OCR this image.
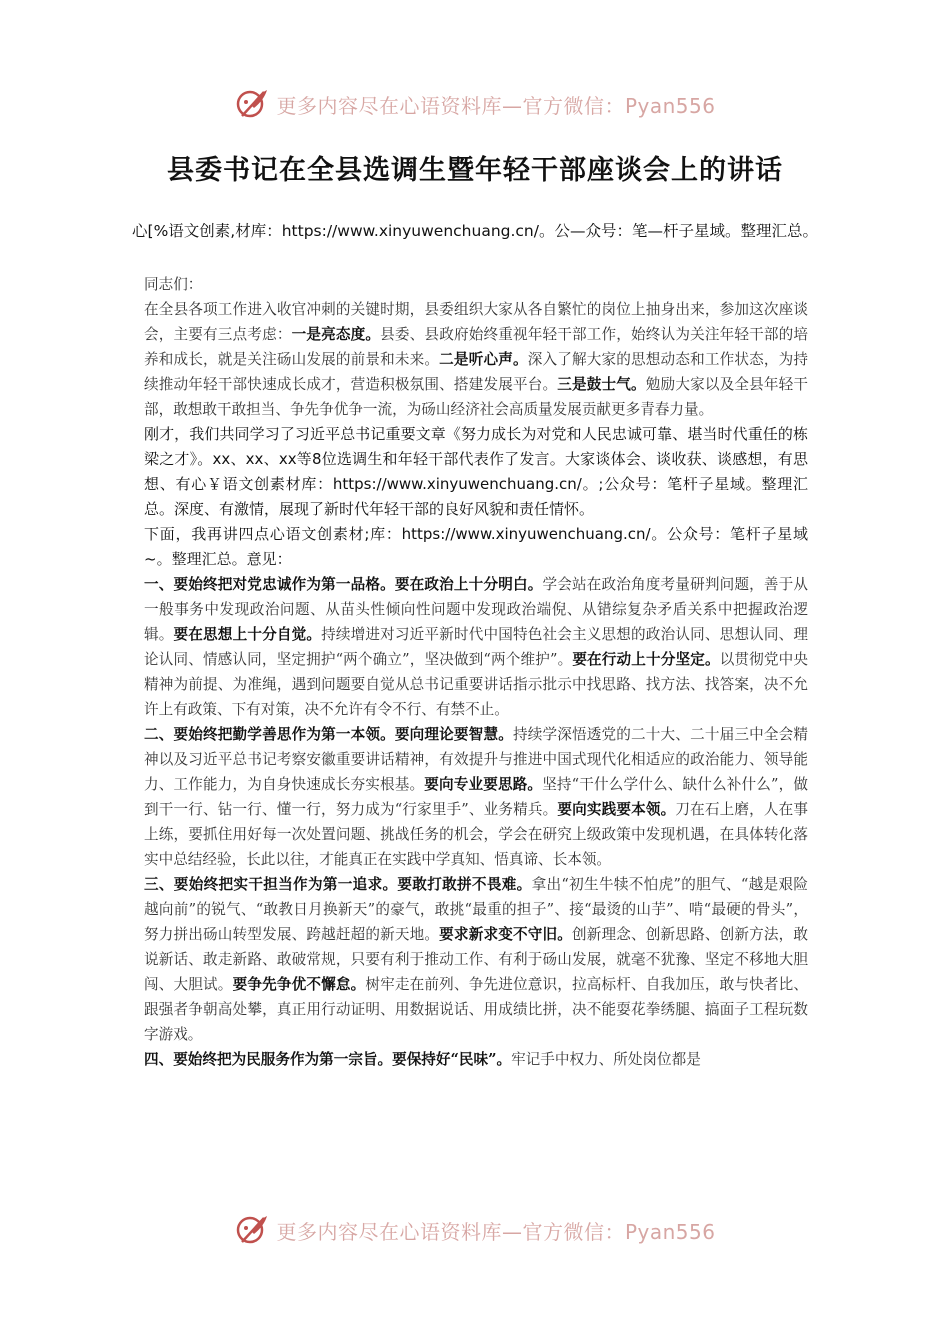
更多内容尽在心语资料库—官方微信：Pyan556
县委书记在全县选调生暨年轻干部座谈会上的讲话
心[%语文创素,材库：https://www.xinyuwenchuang.cn/。公—众号：笔—杆子星域。整理汇总。

同志们：

在全县各项工作进入收官冲刺的关键时期，县委组织大家从各自繁忙的岗位上抽身出来，参加这次座谈会，主要有三点考虑：一是亮态度。县委、县政府始终重视年轻干部工作，始终认为关注年轻干部的培养和成长，就是关注砀山发展的前景和未来。二是听心声。深入了解大家的思想动态和工作状态，为持续推动年轻干部快速成长成才，营造积极氛围、搭建发展平台。三是鼓士气。勉励大家以及全县年轻干部，敢想敢干敢担当、争先争优争一流，为砀山经济社会高质量发展贡献更多青春力量。

刚才，我们共同学习了习近平总书记重要文章《努力成长为对党和人民忠诚可靠、堪当时代重任的栋梁之才》。xx、xx、xx等8位选调生和年轻干部代表作了发言。大家谈体会、谈收获、谈感想，有思想、有心￥语文创素材库：https://www.xinyuwenchuang.cn/。;公众号：笔杆子星域。整理汇总。深度、有激情，展现了新时代年轻干部的良好风貌和责任情怀。

下面，我再讲四点心语文创素材;库：https://www.xinyuwenchuang.cn/。公众号：笔杆子星域~。整理汇总。意见：

一、要始终把对党忠诚作为第一品格。要在政治上十分明白。学会站在政治角度考量研判问题，善于从一般事务中发现政治问题、从苗头性倾向性问题中发现政治端倪、从错综复杂矛盾关系中把握政治逻辑。要在思想上十分自觉。持续增进对习近平新时代中国特色社会主义思想的政治认同、思想认同、理论认同、情感认同，坚定拥护“两个确立”，坚决做到“两个维护”。要在行动上十分坚定。以贯彻党中央精神为前提、为准绳，遇到问题要自觉从总书记重要讲话指示批示中找思路、找方法、找答案，决不允许上有政策、下有对策，决不允许有令不行、有禁不止。

二、要始终把勤学善思作为第一本领。要向理论要智慧。持续学深悟透党的二十大、二十届三中全会精神以及习近平总书记考察安徽重要讲话精神，有效提升与推进中国式现代化相适应的政治能力、领导能力、工作能力，为自身快速成长夯实根基。要向专业要思路。坚持“干什么学什么、缺什么补什么”，做到干一行、钻一行、懂一行，努力成为“行家里手”、业务精兵。要向实践要本领。刀在石上磨，人在事上练，要抓住用好每一次处置问题、挑战任务的机会，学会在研究上级政策中发现机遇，在具体转化落实中总结经验，长此以往，才能真正在实践中学真知、悟真谛、长本领。

三、要始终把实干担当作为第一追求。要敢打敢拼不畏难。拿出“初生牛犊不怕虎”的胆气、“越是艰险越向前”的锐气、“敢教日月换新天”的豪气，敢挑“最重的担子”、接“最烫的山芋”、啃“最硬的骨头”，努力拼出砀山转型发展、跨越赶超的新天地。要求新求变不守旧。创新理念、创新思路、创新方法，敢说新话、敢走新路、敢破常规，只要有利于推动工作、有利于砀山发展，就毫不犹豫、坚定不移地大胆闯、大胆试。要争先争优不懈怠。树牢走在前列、争先进位意识，拉高标杆、自我加压，敢与快者比、跟强者争朝高处攀，真正用行动证明、用数据说话、用成绩比拼，决不能耍花拳绣腿、搞面子工程玩数字游戏。

四、要始终把为民服务作为第一宗旨。要保持好“民味”。牢记手中权力、所处岗位都是

更多内容尽在心语资料库—官方微信：Pyan556
